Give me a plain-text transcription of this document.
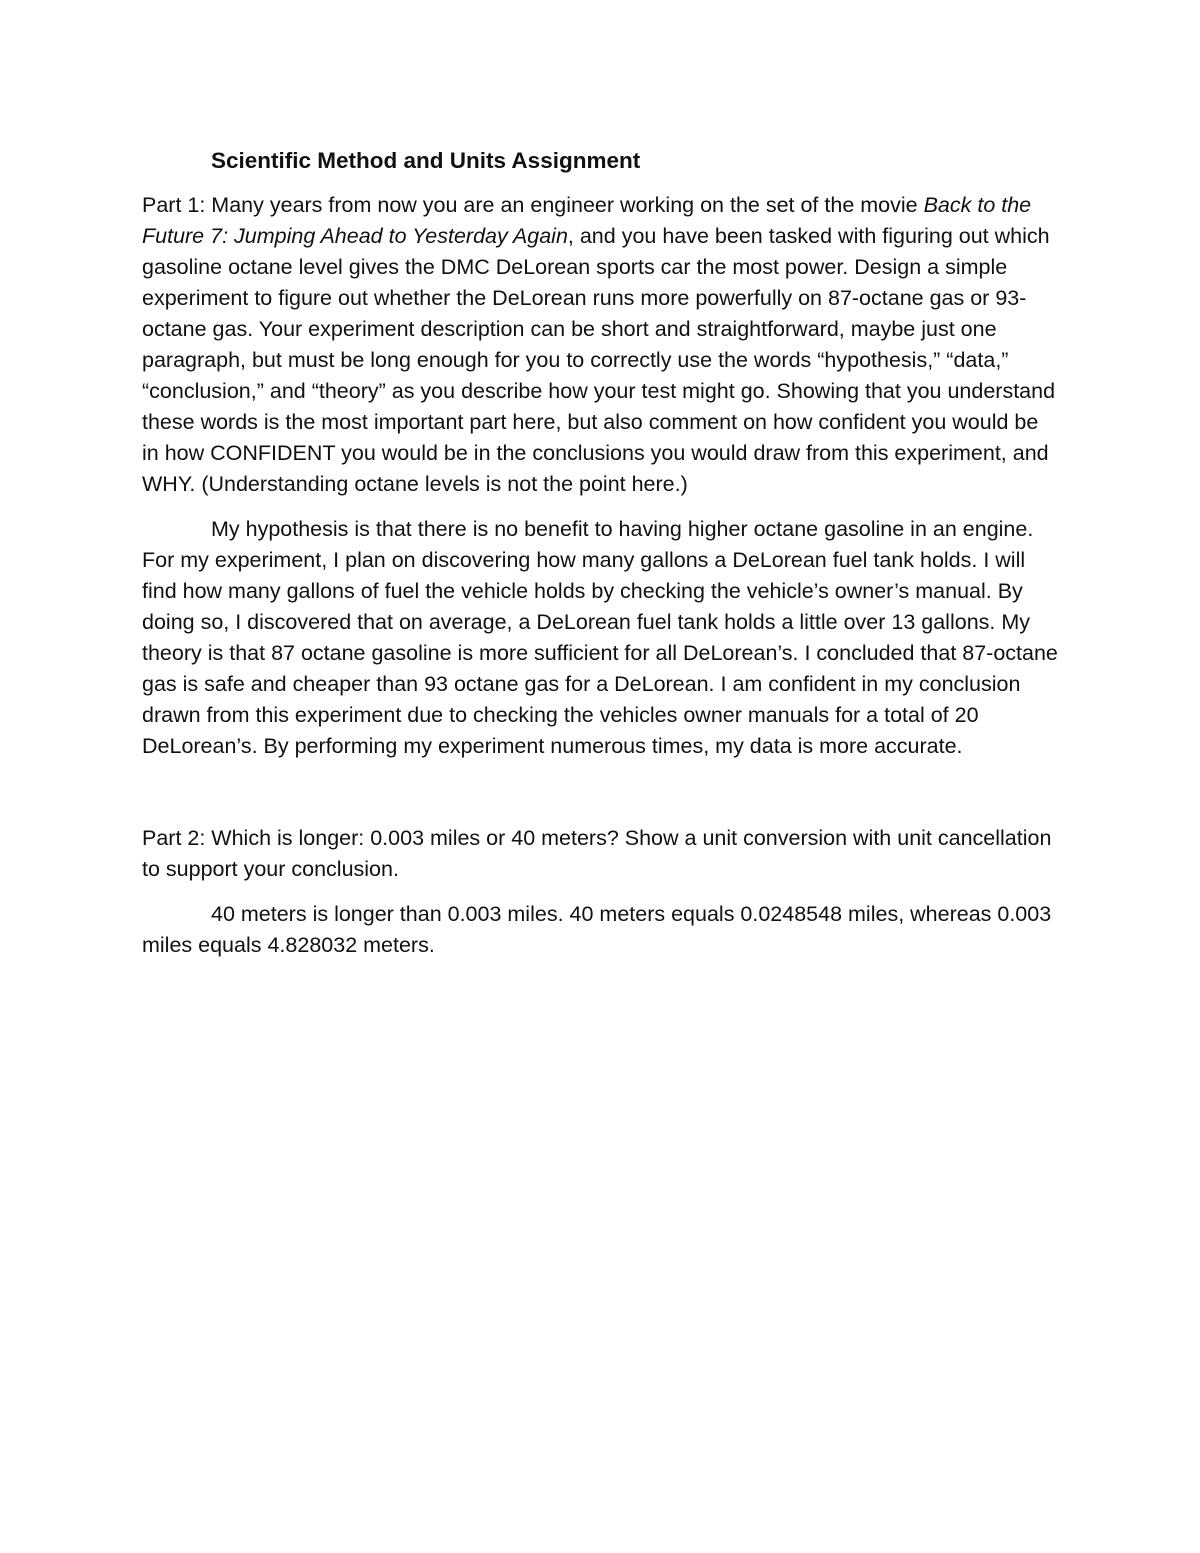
Scientific Method and Units Assignment

Part 1: Many years from now you are an engineer working on the set of the movie Back to the Future 7: Jumping Ahead to Yesterday Again, and you have been tasked with figuring out which gasoline octane level gives the DMC DeLorean sports car the most power. Design a simple experiment to figure out whether the DeLorean runs more powerfully on 87-octane gas or 93-octane gas. Your experiment description can be short and straightforward, maybe just one paragraph, but must be long enough for you to correctly use the words “hypothesis,” “data,” “conclusion,” and “theory” as you describe how your test might go. Showing that you understand these words is the most important part here, but also comment on how confident you would be in how CONFIDENT you would be in the conclusions you would draw from this experiment, and WHY. (Understanding octane levels is not the point here.)

My hypothesis is that there is no benefit to having higher octane gasoline in an engine. For my experiment, I plan on discovering how many gallons a DeLorean fuel tank holds. I will find how many gallons of fuel the vehicle holds by checking the vehicle’s owner’s manual. By doing so, I discovered that on average, a DeLorean fuel tank holds a little over 13 gallons. My theory is that 87 octane gasoline is more sufficient for all DeLorean’s. I concluded that 87-octane gas is safe and cheaper than 93 octane gas for a DeLorean. I am confident in my conclusion drawn from this experiment due to checking the vehicles owner manuals for a total of 20 DeLorean’s. By performing my experiment numerous times, my data is more accurate.

Part 2: Which is longer: 0.003 miles or 40 meters? Show a unit conversion with unit cancellation to support your conclusion.

40 meters is longer than 0.003 miles. 40 meters equals 0.0248548 miles, whereas 0.003 miles equals 4.828032 meters.
